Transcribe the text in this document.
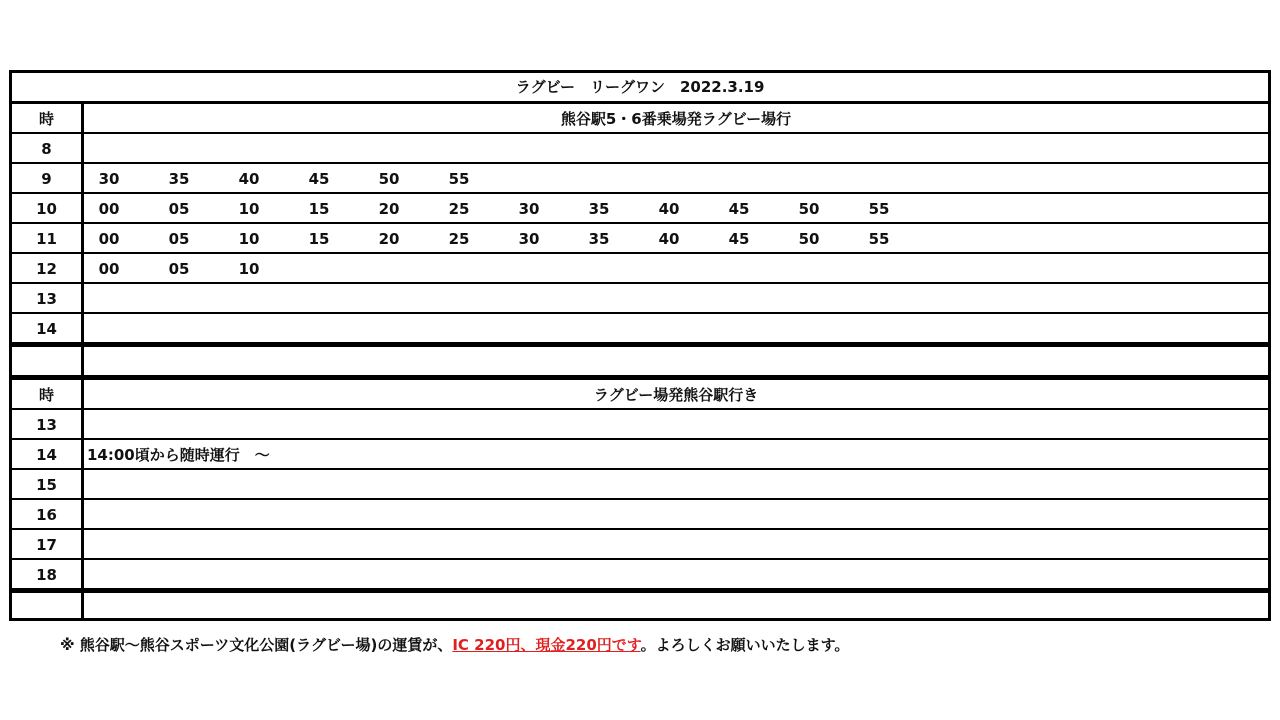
ラグビー　リーグワン　2022.3.19
時	熊谷駅5・6番乗場発ラグビー場行
8
9	30	35	40	45	50	55
10	00	05	10	15	20	25	30	35	40	45	50	55
11	00	05	10	15	20	25	30	35	40	45	50	55
12	00	05	10
13
14
時	ラグビー場発熊谷駅行き
13
14	14:00頃から随時運行　～
15
16
17
18
※ 熊谷駅～熊谷スポーツ文化公園(ラグビー場)の運賃が、IC 220円、現金220円です。よろしくお願いいたします。
